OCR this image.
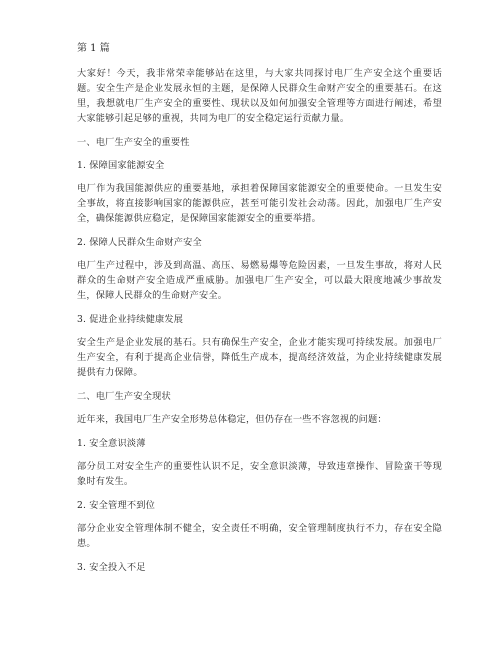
第 1 篇

大家好！今天，我非常荣幸能够站在这里，与大家共同探讨电厂生产安全这个重要话题。安全生产是企业发展永恒的主题，是保障人民群众生命财产安全的重要基石。在这里，我想就电厂生产安全的重要性、现状以及如何加强安全管理等方面进行阐述，希望大家能够引起足够的重视，共同为电厂的安全稳定运行贡献力量。

一、电厂生产安全的重要性

1. 保障国家能源安全

电厂作为我国能源供应的重要基地，承担着保障国家能源安全的重要使命。一旦发生安全事故，将直接影响国家的能源供应，甚至可能引发社会动荡。因此，加强电厂生产安全，确保能源供应稳定，是保障国家能源安全的重要举措。

2. 保障人民群众生命财产安全

电厂生产过程中，涉及到高温、高压、易燃易爆等危险因素，一旦发生事故，将对人民群众的生命财产安全造成严重威胁。加强电厂生产安全，可以最大限度地减少事故发生，保障人民群众的生命财产安全。

3. 促进企业持续健康发展

安全生产是企业发展的基石。只有确保生产安全，企业才能实现可持续发展。加强电厂生产安全，有利于提高企业信誉，降低生产成本，提高经济效益，为企业持续健康发展提供有力保障。

二、电厂生产安全现状

近年来，我国电厂生产安全形势总体稳定，但仍存在一些不容忽视的问题：

1. 安全意识淡薄

部分员工对安全生产的重要性认识不足，安全意识淡薄，导致违章操作、冒险蛮干等现象时有发生。

2. 安全管理不到位

部分企业安全管理体制不健全，安全责任不明确，安全管理制度执行不力，存在安全隐患。

3. 安全投入不足
